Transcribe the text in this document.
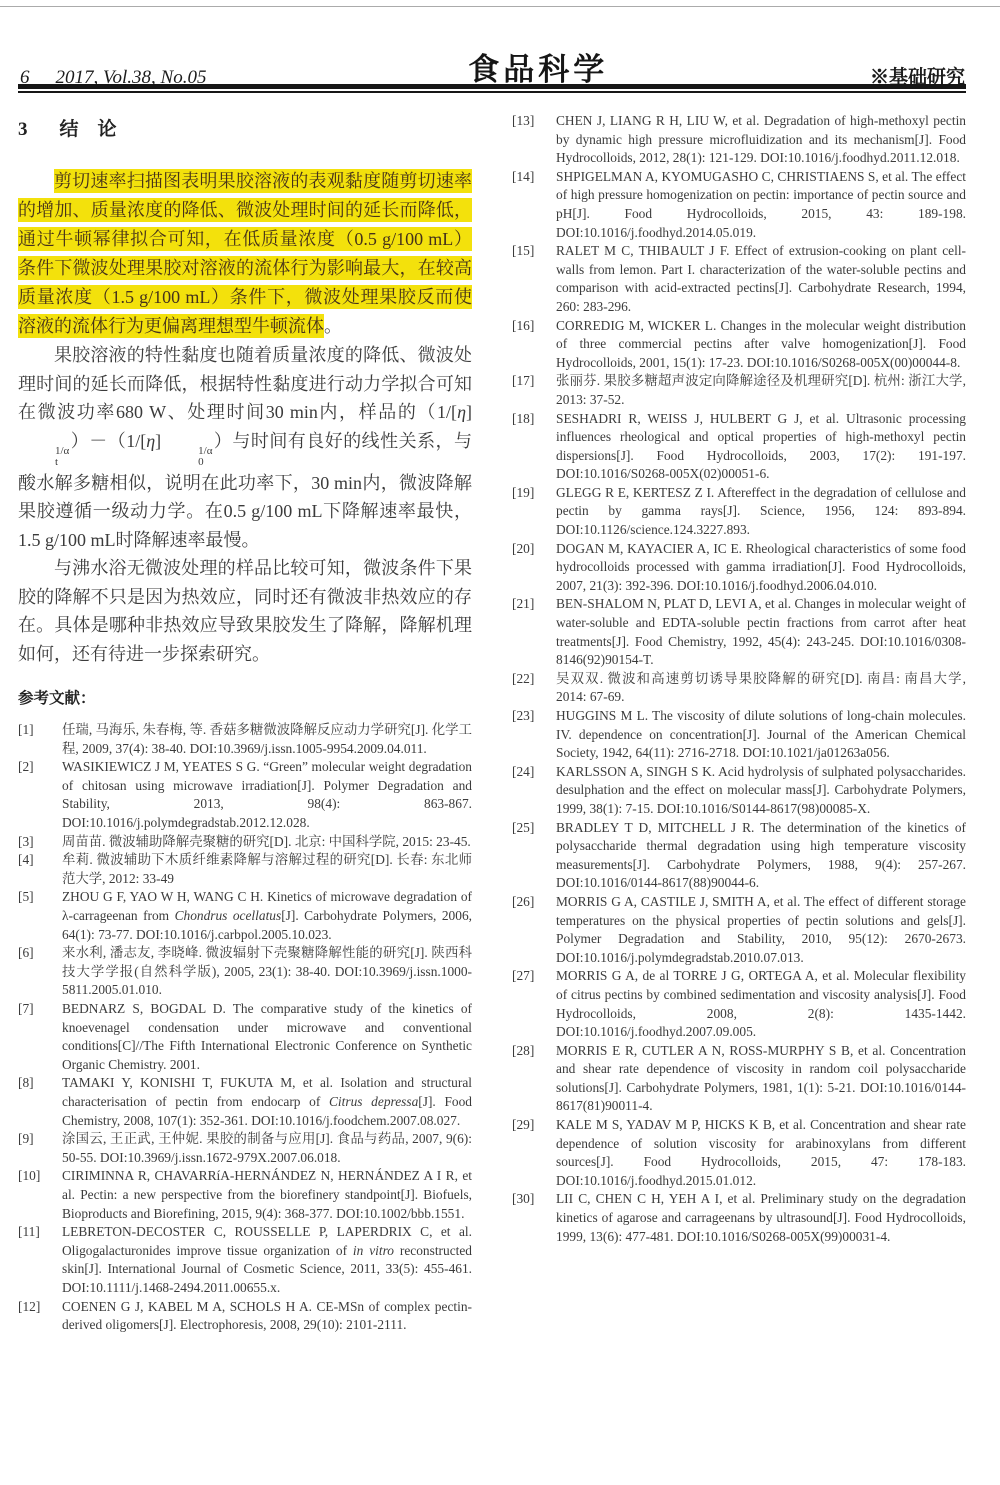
6 2017, Vol.38, No.05	食品科学	※基础研究
3 结　论

剪切速率扫描图表明果胶溶液的表观黏度随剪切速率的增加、质量浓度的降低、微波处理时间的延长而降低，通过牛顿幂律拟合可知，在低质量浓度（0.5 g/100 mL）条件下微波处理果胶对溶液的流体行为影响最大，在较高质量浓度（1.5 g/100 mL）条件下，微波处理果胶反而使溶液的流体行为更偏离理想型牛顿流体。

果胶溶液的特性黏度也随着质量浓度的降低、微波处理时间的延长而降低，根据特性黏度进行动力学拟合可知在微波功率680 W、处理时间30 min内，样品的（1/[η]
1/α
t
）－（1/[η]	1/α
0
）与时间有良好的线性关系，与酸水解多糖相似，说明在此功率下，30 min内，微波降解果胶遵循一级动力学。在0.5 g/100 mL下降解速率最快，1.5 g/100 mL时降解速率最慢。

与沸水浴无微波处理的样品比较可知，微波条件下果胶的降解不只是因为热效应，同时还有微波非热效应的存在。具体是哪种非热效应导致果胶发生了降解，降解机理如何，还有待进一步探索研究。

参考文献：
[1]	任瑞, 马海乐, 朱春梅, 等. 香菇多糖微波降解反应动力学研究[J]. 化学工程, 2009, 37(4): 38-40. DOI:10.3969/j.issn.1005-9954.2009.04.011.
[2]	WASIKIEWICZ J M, YEATES S G. “Green” molecular weight degradation of chitosan using microwave irradiation[J]. Polymer Degradation and Stability, 2013, 98(4): 863-867. DOI:10.1016/j.polymdegradstab.2012.12.028.
[3]	周苗苗. 微波辅助降解壳聚糖的研究[D]. 北京: 中国科学院, 2015: 23-45.
[4]	牟莉. 微波辅助下木质纤维素降解与溶解过程的研究[D]. 长春: 东北师范大学, 2012: 33-49
[5]	ZHOU G F, YAO W H, WANG C H. Kinetics of microwave degradation of λ-carrageenan from Chondrus ocellatus[J]. Carbohydrate Polymers, 2006, 64(1): 73-77. DOI:10.1016/j.carbpol.2005.10.023.
[6]	来水利, 潘志友, 李晓峰. 微波辐射下壳聚糖降解性能的研究[J]. 陕西科技大学学报(自然科学版), 2005, 23(1): 38-40. DOI:10.3969/j.issn.1000-5811.2005.01.010.
[7]	BEDNARZ S, BOGDAL D. The comparative study of the kinetics of knoevenagel condensation under microwave and conventional conditions[C]//The Fifth International Electronic Conference on Synthetic Organic Chemistry. 2001.
[8]	TAMAKI Y, KONISHI T, FUKUTA M, et al. Isolation and structural characterisation of pectin from endocarp of Citrus depressa[J]. Food Chemistry, 2008, 107(1): 352-361. DOI:10.1016/j.foodchem.2007.08.027.
[9]	涂国云, 王正武, 王仲妮. 果胶的制备与应用[J]. 食品与药品, 2007, 9(6): 50-55. DOI:10.3969/j.issn.1672-979X.2007.06.018.
[10]	CIRIMINNA R, CHAVARRíA-HERNÁNDEZ N, HERNÁNDEZ A I R, et al. Pectin: a new perspective from the biorefinery standpoint[J]. Biofuels, Bioproducts and Biorefining, 2015, 9(4): 368-377. DOI:10.1002/bbb.1551.
[11]	LEBRETON-DECOSTER C, ROUSSELLE P, LAPERDRIX C, et al. Oligogalacturonides improve tissue organization of in vitro reconstructed skin[J]. International Journal of Cosmetic Science, 2011, 33(5): 455-461. DOI:10.1111/j.1468-2494.2011.00655.x.
[12]	COENEN G J, KABEL M A, SCHOLS H A. CE-MSn of complex pectin-derived oligomers[J]. Electrophoresis, 2008, 29(10): 2101-2111.
[13]	CHEN J, LIANG R H, LIU W, et al. Degradation of high-methoxyl pectin by dynamic high pressure microfluidization and its mechanism[J]. Food Hydrocolloids, 2012, 28(1): 121-129. DOI:10.1016/j.foodhyd.2011.12.018.
[14]	SHPIGELMAN A, KYOMUGASHO C, CHRISTIAENS S, et al. The effect of high pressure homogenization on pectin: importance of pectin source and pH[J]. Food Hydrocolloids, 2015, 43: 189-198. DOI:10.1016/j.foodhyd.2014.05.019.
[15]	RALET M C, THIBAULT J F. Effect of extrusion-cooking on plant cell-walls from lemon. Part I. characterization of the water-soluble pectins and comparison with acid-extracted pectins[J]. Carbohydrate Research, 1994, 260: 283-296.
[16]	CORREDIG M, WICKER L. Changes in the molecular weight distribution of three commercial pectins after valve homogenization[J]. Food Hydrocolloids, 2001, 15(1): 17-23. DOI:10.1016/S0268-005X(00)00044-8.
[17]	张丽芬. 果胶多糖超声波定向降解途径及机理研究[D]. 杭州: 浙江大学, 2013: 37-52.
[18]	SESHADRI R, WEISS J, HULBERT G J, et al. Ultrasonic processing influences rheological and optical properties of high-methoxyl pectin dispersions[J]. Food Hydrocolloids, 2003, 17(2): 191-197. DOI:10.1016/S0268-005X(02)00051-6.
[19]	GLEGG R E, KERTESZ Z I. Aftereffect in the degradation of cellulose and pectin by gamma rays[J]. Science, 1956, 124: 893-894. DOI:10.1126/science.124.3227.893.
[20]	DOGAN M, KAYACIER A, IC E. Rheological characteristics of some food hydrocolloids processed with gamma irradiation[J]. Food Hydrocolloids, 2007, 21(3): 392-396. DOI:10.1016/j.foodhyd.2006.04.010.
[21]	BEN-SHALOM N, PLAT D, LEVI A, et al. Changes in molecular weight of water-soluble and EDTA-soluble pectin fractions from carrot after heat treatments[J]. Food Chemistry, 1992, 45(4): 243-245. DOI:10.1016/0308-8146(92)90154-T.
[22]	吴双双. 微波和高速剪切诱导果胶降解的研究[D]. 南昌: 南昌大学, 2014: 67-69.
[23]	HUGGINS M L. The viscosity of dilute solutions of long-chain molecules. IV. dependence on concentration[J]. Journal of the American Chemical Society, 1942, 64(11): 2716-2718. DOI:10.1021/ja01263a056.
[24]	KARLSSON A, SINGH S K. Acid hydrolysis of sulphated polysaccharides. desulphation and the effect on molecular mass[J]. Carbohydrate Polymers, 1999, 38(1): 7-15. DOI:10.1016/S0144-8617(98)00085-X.
[25]	BRADLEY T D, MITCHELL J R. The determination of the kinetics of polysaccharide thermal degradation using high temperature viscosity measurements[J]. Carbohydrate Polymers, 1988, 9(4): 257-267. DOI:10.1016/0144-8617(88)90044-6.
[26]	MORRIS G A, CASTILE J, SMITH A, et al. The effect of different storage temperatures on the physical properties of pectin solutions and gels[J]. Polymer Degradation and Stability, 2010, 95(12): 2670-2673. DOI:10.1016/j.polymdegradstab.2010.07.013.
[27]	MORRIS G A, de al TORRE J G, ORTEGA A, et al. Molecular flexibility of citrus pectins by combined sedimentation and viscosity analysis[J]. Food Hydrocolloids, 2008, 2(8): 1435-1442. DOI:10.1016/j.foodhyd.2007.09.005.
[28]	MORRIS E R, CUTLER A N, ROSS-MURPHY S B, et al. Concentration and shear rate dependence of viscosity in random coil polysaccharide solutions[J]. Carbohydrate Polymers, 1981, 1(1): 5-21. DOI:10.1016/0144-8617(81)90011-4.
[29]	KALE M S, YADAV M P, HICKS K B, et al. Concentration and shear rate dependence of solution viscosity for arabinoxylans from different sources[J]. Food Hydrocolloids, 2015, 47: 178-183. DOI:10.1016/j.foodhyd.2015.01.012.
[30]	LII C, CHEN C H, YEH A I, et al. Preliminary study on the degradation kinetics of agarose and carrageenans by ultrasound[J]. Food Hydrocolloids, 1999, 13(6): 477-481. DOI:10.1016/S0268-005X(99)00031-4.
